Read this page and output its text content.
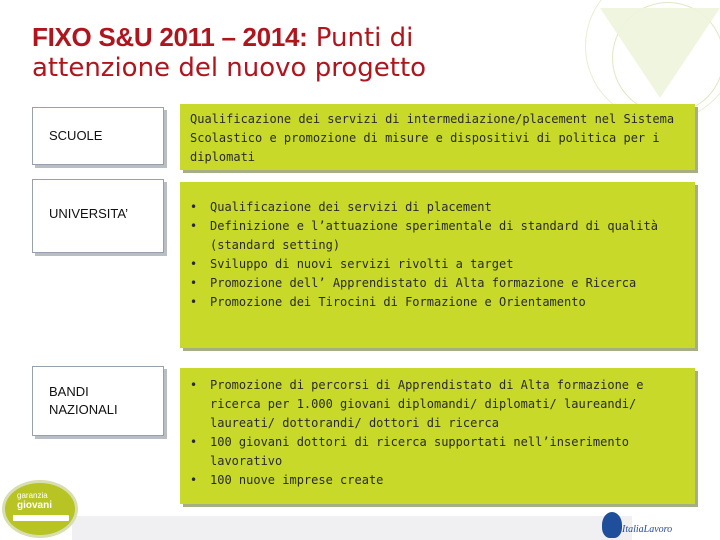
FIXO S&U 2011 – 2014: Punti di
attenzione del nuovo progetto
SCUOLE

Qualificazione dei servizi di intermediazione/placement nel Sistema Scolastico e promozione di misure e dispositivi di politica per i diplomati

UNIVERSITA’
•	Qualificazione dei servizi di placement
• Definizione e l’attuazione sperimentale di standard di qualità (standard setting)
• Sviluppo di nuovi servizi rivolti a target
• Promozione dell’ Apprendistato di Alta formazione e Ricerca
• Promozione dei Tirocini di Formazione e Orientamento
BANDI NAZIONALI
• Promozione di percorsi di Apprendistato di Alta formazione e ricerca per 1.000 giovani diplomandi/ diplomati/ laureandi/ laureati/ dottorandi/ dottori di ricerca
• 100 giovani dottori di ricerca supportati nell’inserimento lavorativo
• 100 nuove imprese create
garanzia
giovani
ItaliaLavoro
